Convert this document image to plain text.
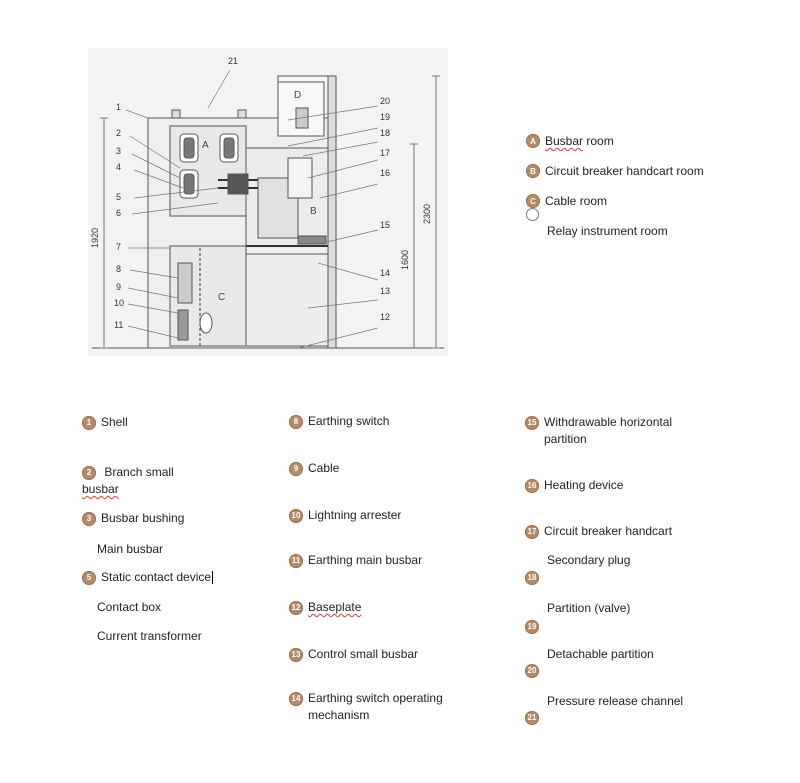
1
2
3
4
5
6
7
8
9
10
11
12
13
14
15
16
17
18
19
20
21
A
B
C
D
1920
2300
1600
A Busbar room
B Circuit breaker handcart room
C Cable room
Relay instrument room
1 Shell
2 Branch small
busbar
3 Busbar bushing
Main busbar
5 Static contact device
Contact box
Current transformer
8 Earthing switch
9 Cable
10 Lightning arrester
11 Earthing main busbar
12 Baseplate
13 Control small busbar
14 Earthing switch operating
mechanism
15 Withdrawable horizontal
partition
16 Heating device
17 Circuit breaker handcart
Secondary plug
18
Partition (valve)
19
Detachable partition
20
Pressure release channel
21
